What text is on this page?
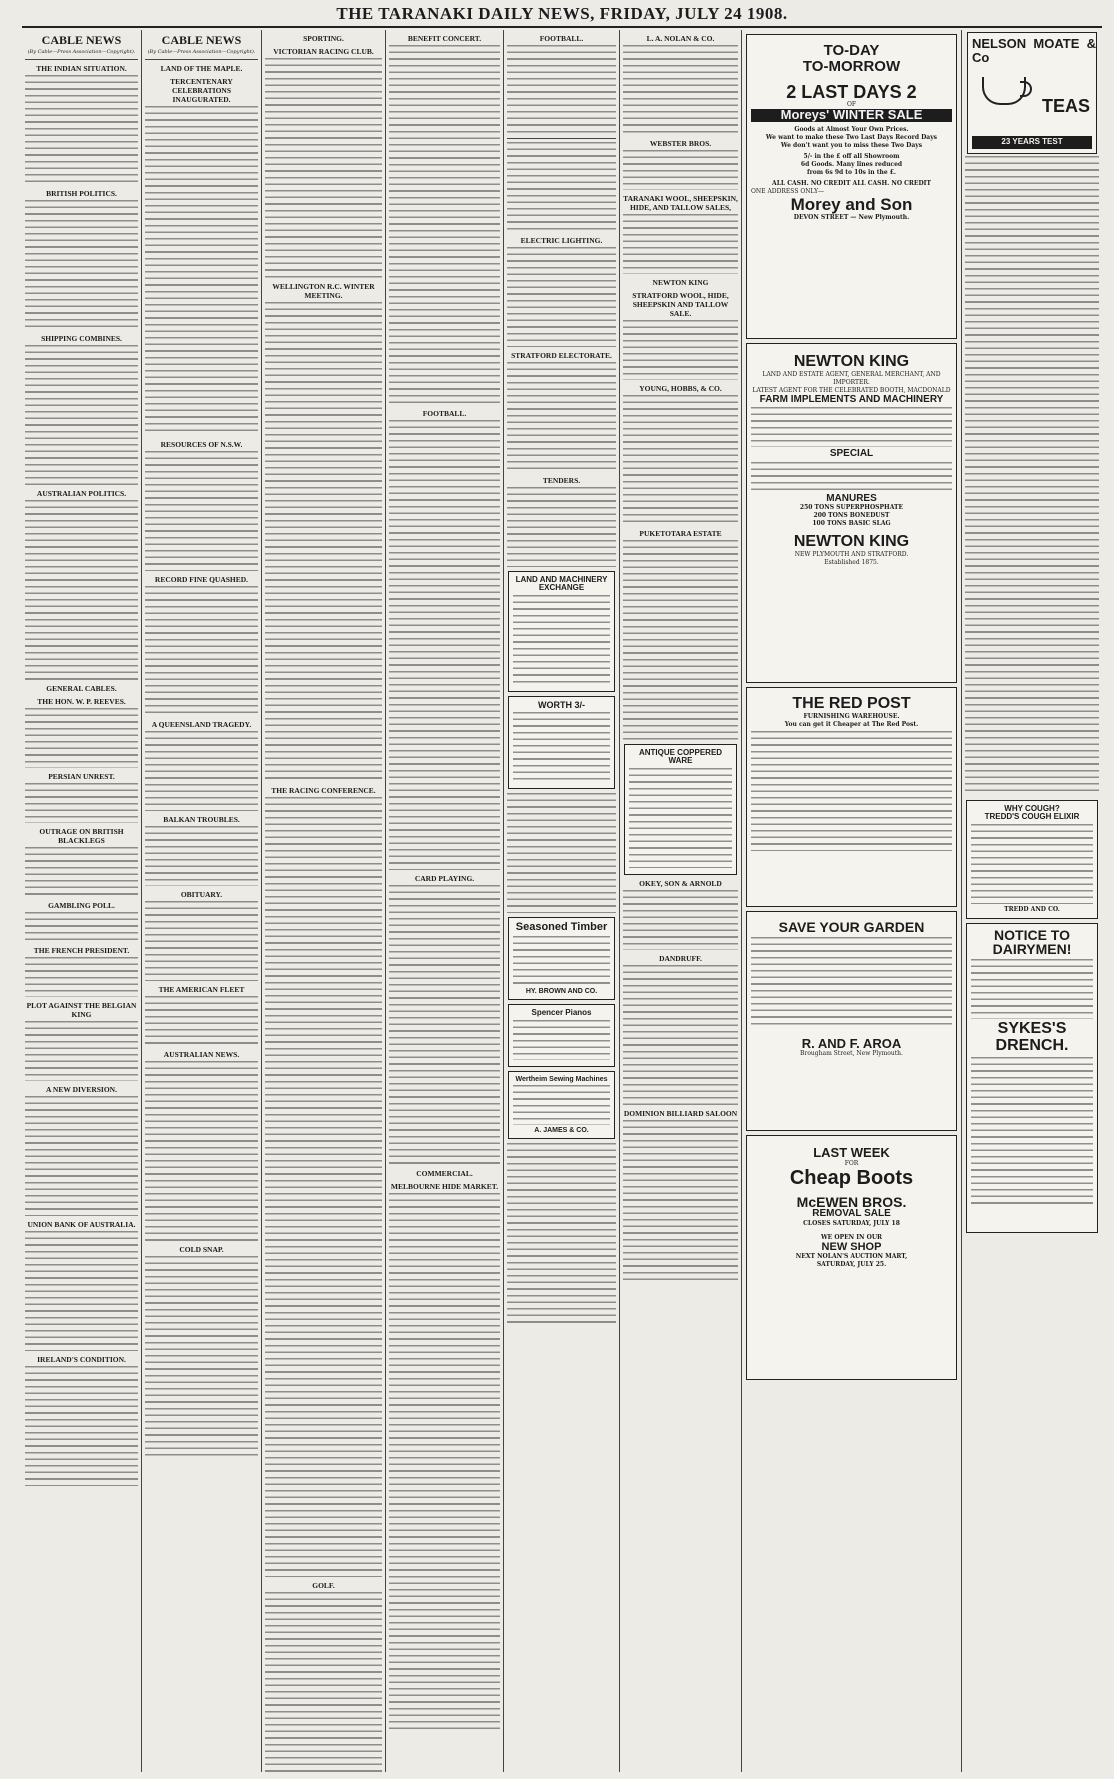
THE TARANAKI DAILY NEWS, FRIDAY, JULY 24 1908.
CABLE NEWS
(By Cable—Press Association—Copyright).
THE INDIAN SITUATION.
BRITISH POLITICS.
SHIPPING COMBINES.
AUSTRALIAN POLITICS.
GENERAL CABLES.
THE HON. W. P. REEVES.
PERSIAN UNREST.
OUTRAGE ON BRITISH BLACKLEGS
GAMBLING POLL.
THE FRENCH PRESIDENT.
PLOT AGAINST THE BELGIAN KING
A NEW DIVERSION.
UNION BANK OF AUSTRALIA.
IRELAND'S CONDITION.
CABLE NEWS
(By Cable—Press Association—Copyright).
LAND OF THE MAPLE.
TERCENTENARY CELEBRATIONS INAUGURATED.
RESOURCES OF N.S.W.
RECORD FINE QUASHED.
A QUEENSLAND TRAGEDY.
BALKAN TROUBLES.
OBITUARY.
THE AMERICAN FLEET
AUSTRALIAN NEWS.
COLD SNAP.
SPORTING.
VICTORIAN RACING CLUB.
WELLINGTON R.C. WINTER MEETING.
THE RACING CONFERENCE.
GOLF.
BENEFIT CONCERT.
FOOTBALL.
CARD PLAYING.
COMMERCIAL.
MELBOURNE HIDE MARKET.
FOOTBALL.
ELECTRIC LIGHTING.
STRATFORD ELECTORATE.
TENDERS.
LAND AND MACHINERY EXCHANGE
WORTH 3/-
Seasoned Timber
HY. BROWN AND CO.
Spencer Pianos
Wertheim Sewing Machines
A. JAMES & CO.
L. A. NOLAN & CO.
WEBSTER BROS.
TARANAKI WOOL, SHEEPSKIN, HIDE, AND TALLOW SALES,
NEWTON KING
STRATFORD WOOL, HIDE, SHEEPSKIN AND TALLOW SALE.
YOUNG, HOBBS, & CO.
PUKETOTARA ESTATE
ANTIQUE COPPERED WARE
OKEY, SON & ARNOLD
DANDRUFF.
DOMINION BILLIARD SALOON
TO-DAY
TO-MORROW
2 LAST DAYS 2
OF
Moreys' WINTER SALE
Goods at Almost Your Own Prices.
We want to make these Two Last Days Record Days
We don't want you to miss these Two Days
5/- in the £ off all Showroom
6d Goods. Many lines reduced
from 6s 9d to 10s in the £.
ALL CASH. NO CREDIT ALL CASH. NO CREDIT
ONE ADDRESS ONLY—
Morey and Son
DEVON STREET — New Plymouth.
NEWTON KING
LAND AND ESTATE AGENT, GENERAL MERCHANT, AND IMPORTER.
LATEST AGENT FOR THE CELEBRATED BOOTH, MACDONALD
FARM IMPLEMENTS AND MACHINERY
SPECIAL
MANURES
250 TONS SUPERPHOSPHATE
200 TONS BONEDUST
100 TONS BASIC SLAG
NEWTON KING
NEW PLYMOUTH AND STRATFORD.
Established 1875.
THE RED POST
FURNISHING WAREHOUSE.
You can get it Cheaper at The Red Post.
SAVE YOUR GARDEN
R. AND F. AROA
Brougham Street, New Plymouth.
LAST WEEK
FOR
Cheap Boots
McEWEN BROS.
REMOVAL SALE
CLOSES SATURDAY, JULY 18
WE OPEN IN OUR
NEW SHOP
NEXT NOLAN'S AUCTION MART,
SATURDAY, JULY 25.
NELSON MOATE & Co
TEAS
23 YEARS TEST
WHY COUGH?
TREDD'S COUGH ELIXIR
TREDD AND CO.
NOTICE TO DAIRYMEN!
SYKES'S DRENCH.
